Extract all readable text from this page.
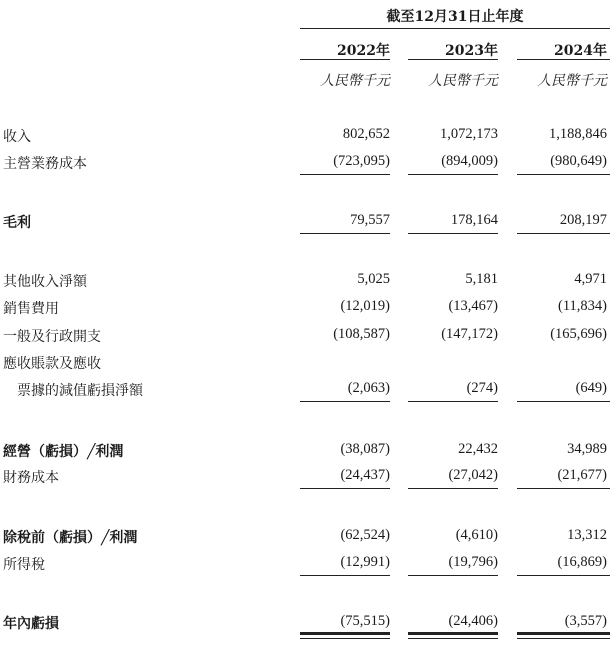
截至12月31日止年度
2022年	2023年	2024年
人民幣千元	人民幣千元	人民幣千元
收入	802,652	1,072,173	1,188,846
主營業務成本	(723,095)	(894,009)	(980,649)
毛利	79,557	178,164	208,197
其他收入淨額	5,025	5,181	4,971
銷售費用	(12,019)	(13,467)	(11,834)
一般及行政開支	(108,587)	(147,172)	(165,696)
應收賬款及應收
票據的減值虧損淨額	(2,063)	(274)	(649)
經營（虧損）╱利潤	(38,087)	22,432	34,989
財務成本	(24,437)	(27,042)	(21,677)
除稅前（虧損）╱利潤	(62,524)	(4,610)	13,312
所得稅	(12,991)	(19,796)	(16,869)
年內虧損	(75,515)	(24,406)	(3,557)
